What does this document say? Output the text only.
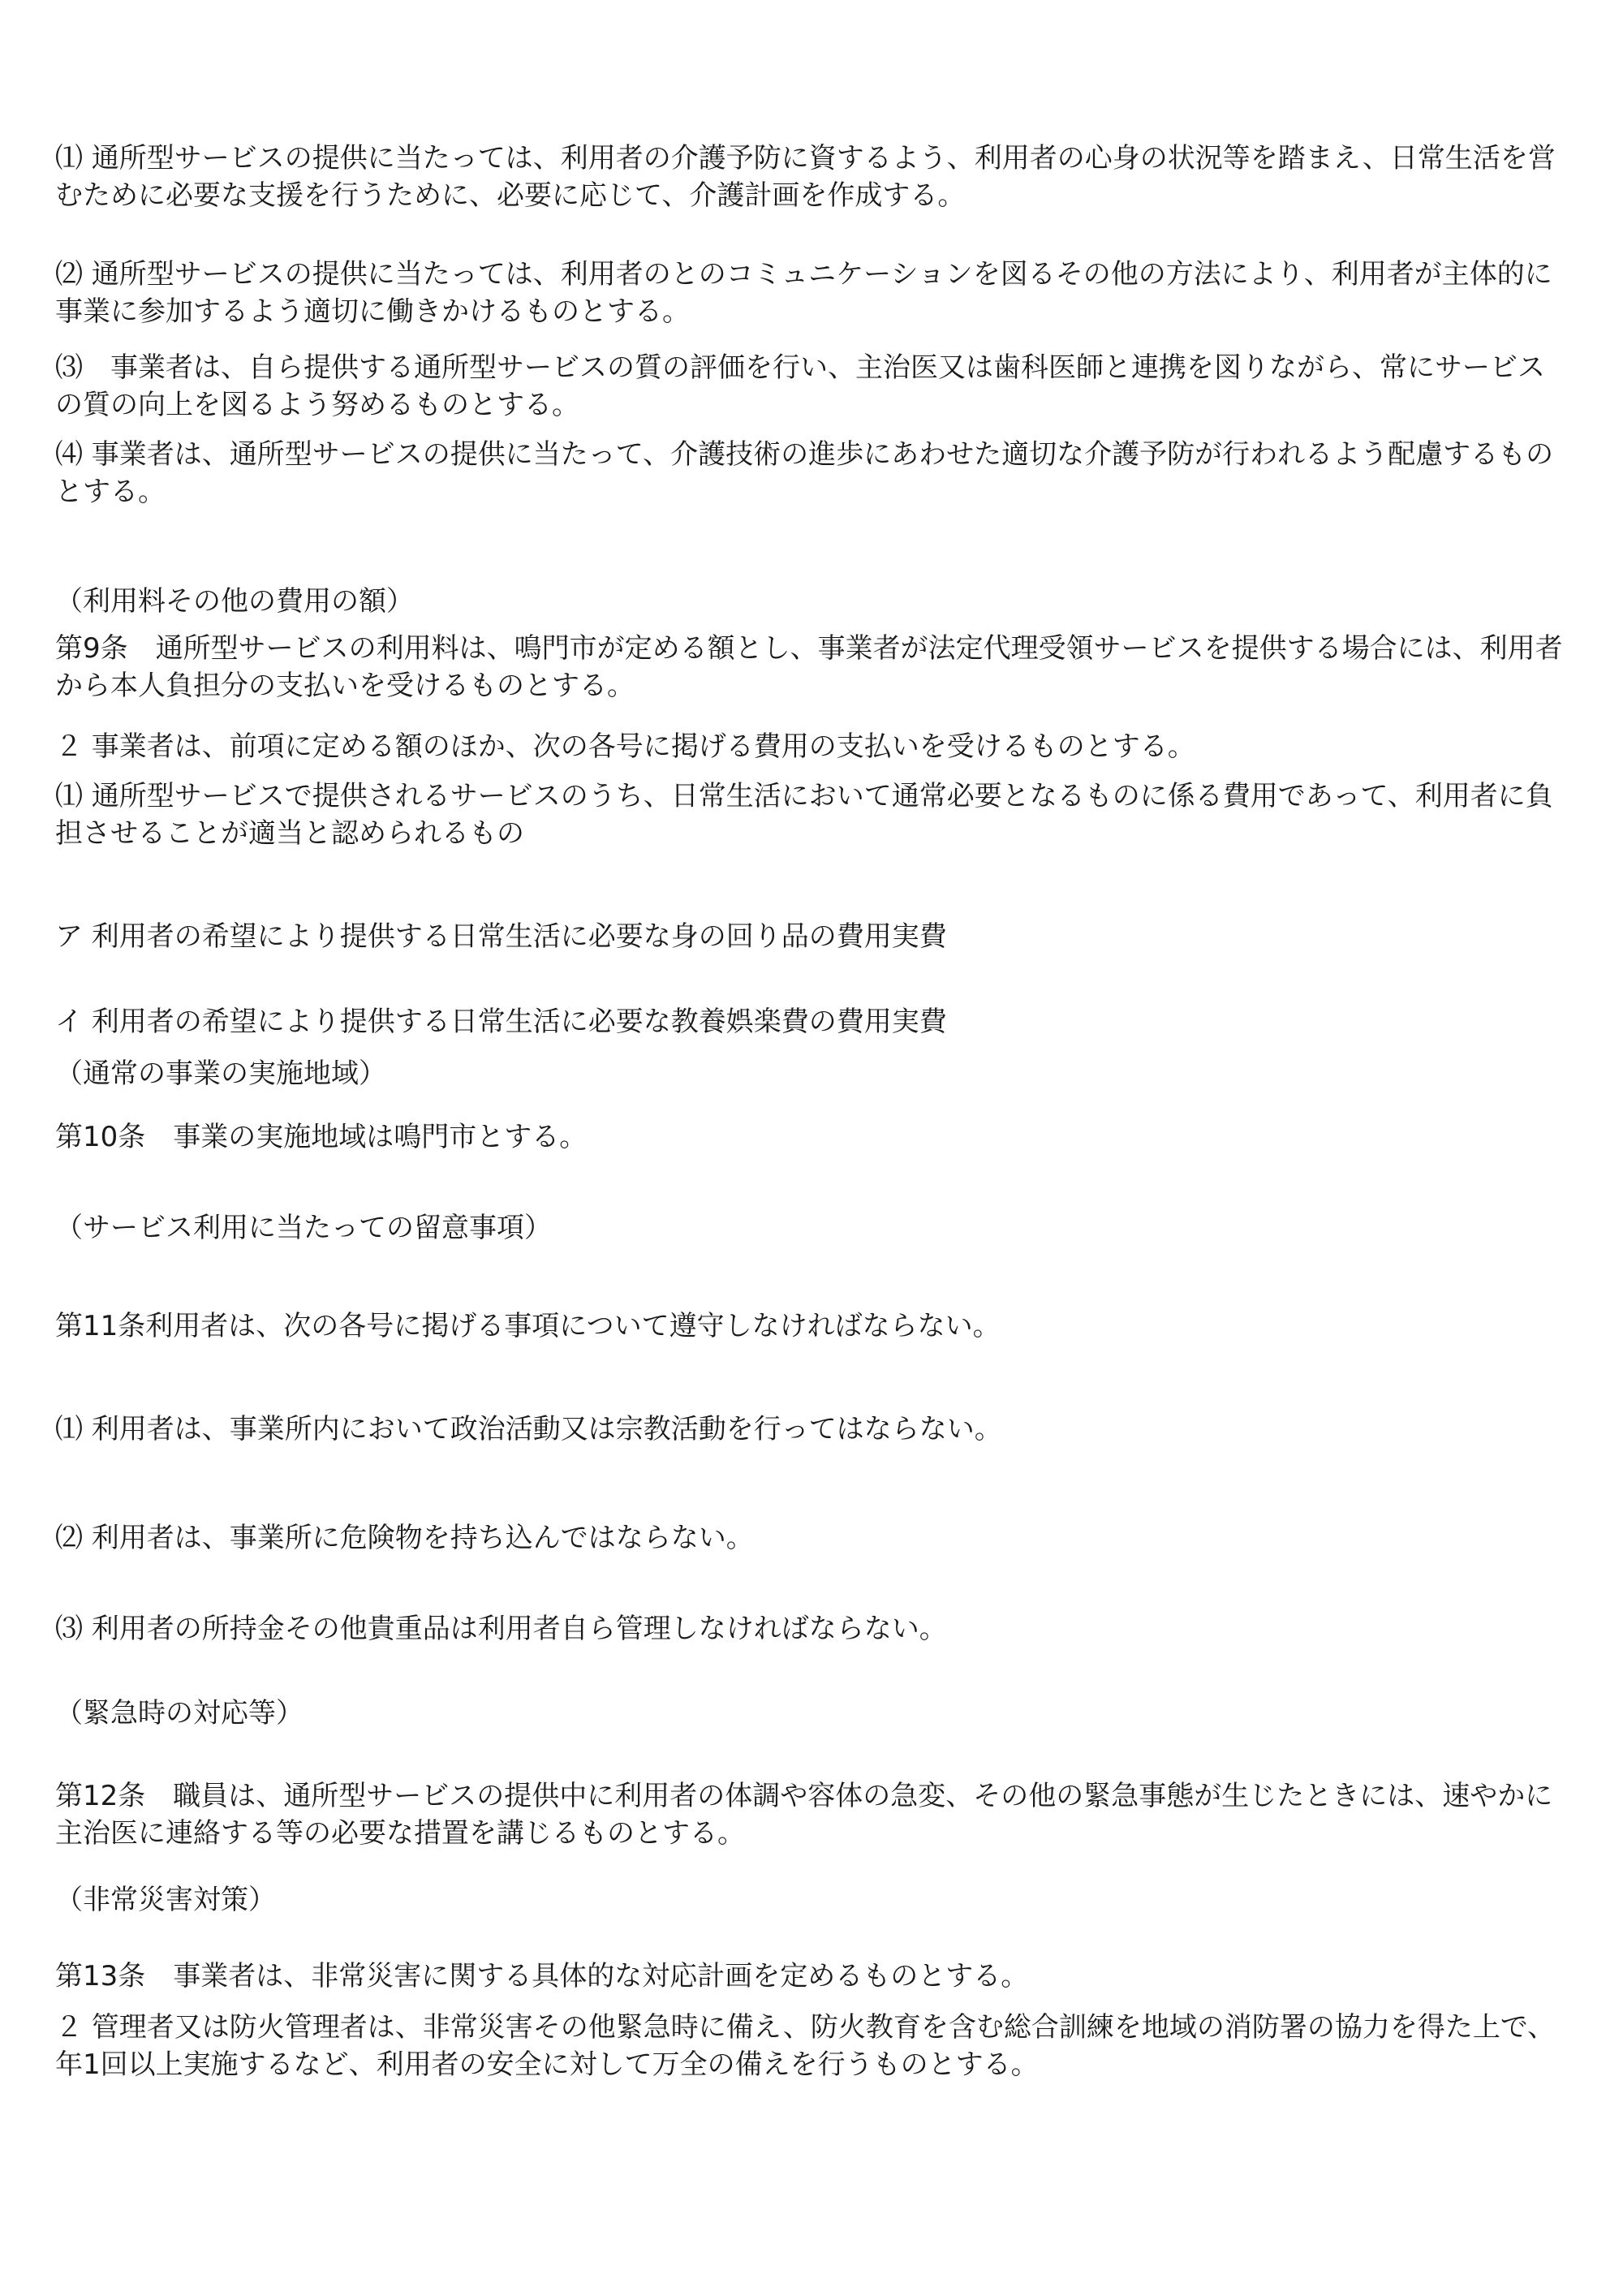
⑴ 通所型サービスの提供に当たっては、利用者の介護予防に資するよう、利用者の心身の状況等を踏まえ、日常生活を営むために必要な支援を行うために、必要に応じて、介護計画を作成する。
⑵ 通所型サービスの提供に当たっては、利用者のとのコミュニケーションを図るその他の方法により、利用者が主体的に事業に参加するよう適切に働きかけるものとする。
⑶　事業者は、自ら提供する通所型サービスの質の評価を行い、主治医又は歯科医師と連携を図りながら、常にサービスの質の向上を図るよう努めるものとする。
⑷ 事業者は、通所型サービスの提供に当たって、介護技術の進歩にあわせた適切な介護予防が行われるよう配慮するものとする。
（利用料その他の費用の額）
第9条　通所型サービスの利用料は、鳴門市が定める額とし、事業者が法定代理受領サービスを提供する場合には、利用者から本人負担分の支払いを受けるものとする。
２ 事業者は、前項に定める額のほか、次の各号に掲げる費用の支払いを受けるものとする。
⑴ 通所型サービスで提供されるサービスのうち、日常生活において通常必要となるものに係る費用であって、利用者に負担させることが適当と認められるもの
ア 利用者の希望により提供する日常生活に必要な身の回り品の費用実費
イ 利用者の希望により提供する日常生活に必要な教養娯楽費の費用実費
（通常の事業の実施地域）
第10条　事業の実施地域は鳴門市とする。
（サービス利用に当たっての留意事項）
第11条利用者は、次の各号に掲げる事項について遵守しなければならない。
⑴ 利用者は、事業所内において政治活動又は宗教活動を行ってはならない。
⑵ 利用者は、事業所に危険物を持ち込んではならない。
⑶ 利用者の所持金その他貴重品は利用者自ら管理しなければならない。
（緊急時の対応等）
第12条　職員は、通所型サービスの提供中に利用者の体調や容体の急変、その他の緊急事態が生じたときには、速やかに主治医に連絡する等の必要な措置を講じるものとする。
（非常災害対策）
第13条　事業者は、非常災害に関する具体的な対応計画を定めるものとする。
２ 管理者又は防火管理者は、非常災害その他緊急時に備え、防火教育を含む総合訓練を地域の消防署の協力を得た上で、年1回以上実施するなど、利用者の安全に対して万全の備えを行うものとする。
